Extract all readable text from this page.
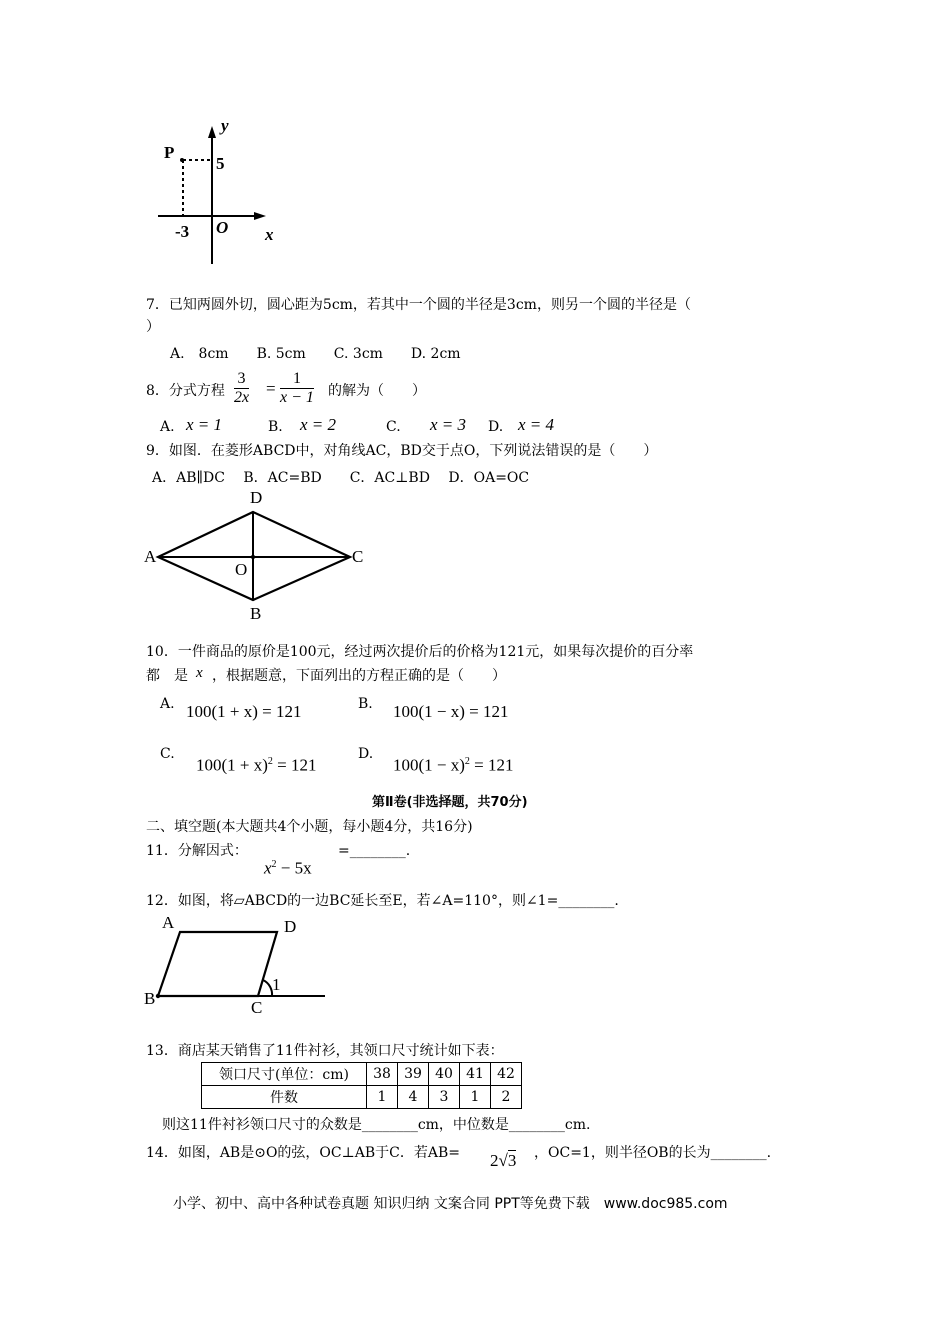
y
x
P
5
-3 O
7．已知两圆外切，圆心距为5cm，若其中一个圆的半径是3cm，则另一个圆的半径是（
）
A.　8cm　　B. 5cm　　C. 3cm　　D. 2cm
8．分式方程 $\frac{3}{2x} = \frac{1}{x - 1}$ 的解为（　　）
A. x = 1	B. x = 2	C. x = 3 D. x = 4
9．如图．在菱形ABCD中，对角线AC，BD交于点O，下列说法错误的是（　　）
A．AB∥DC　 B．AC=BD　　C．AC⊥BD　 D．OA=OC
D
A	C
O
B
10．一件商品的原价是100元，经过两次提价后的价格为121元，如果每次提价的百分率
都　是 x ，根据题意，下面列出的方程正确的是（　　）
A. 100(1 + x) = 121	B. 100(1 − x) = 121
C.
$100(1 + x)^2 = 121$
D.
$100(1 - x)^2 = 121$
第Ⅱ卷(非选择题，共70分)
二、填空题(本大题共4个小题，每小题4分，共16分)
11．分解因式：
$x^2 - 5x$
=________.
12．如图，将▱ABCD的一边BC延长至E，若∠A=110°，则∠1=________.
A	D
B	C
1
13．商店某天销售了11件衬衫，其领口尺寸统计如下表：
领口尺寸(单位：cm)	38	39	40	41	42
件数	1	4	3	1	2
则这11件衬衫领口尺寸的众数是________cm，中位数是________cm.
14．如图，AB是⊙O的弦，OC⊥AB于C．若AB= 2√3 ，OC=1，则半径OB的长为________.
小学、初中、高中各种试卷真题 知识归纳 文案合同 PPT等免费下载　www.doc985.com
